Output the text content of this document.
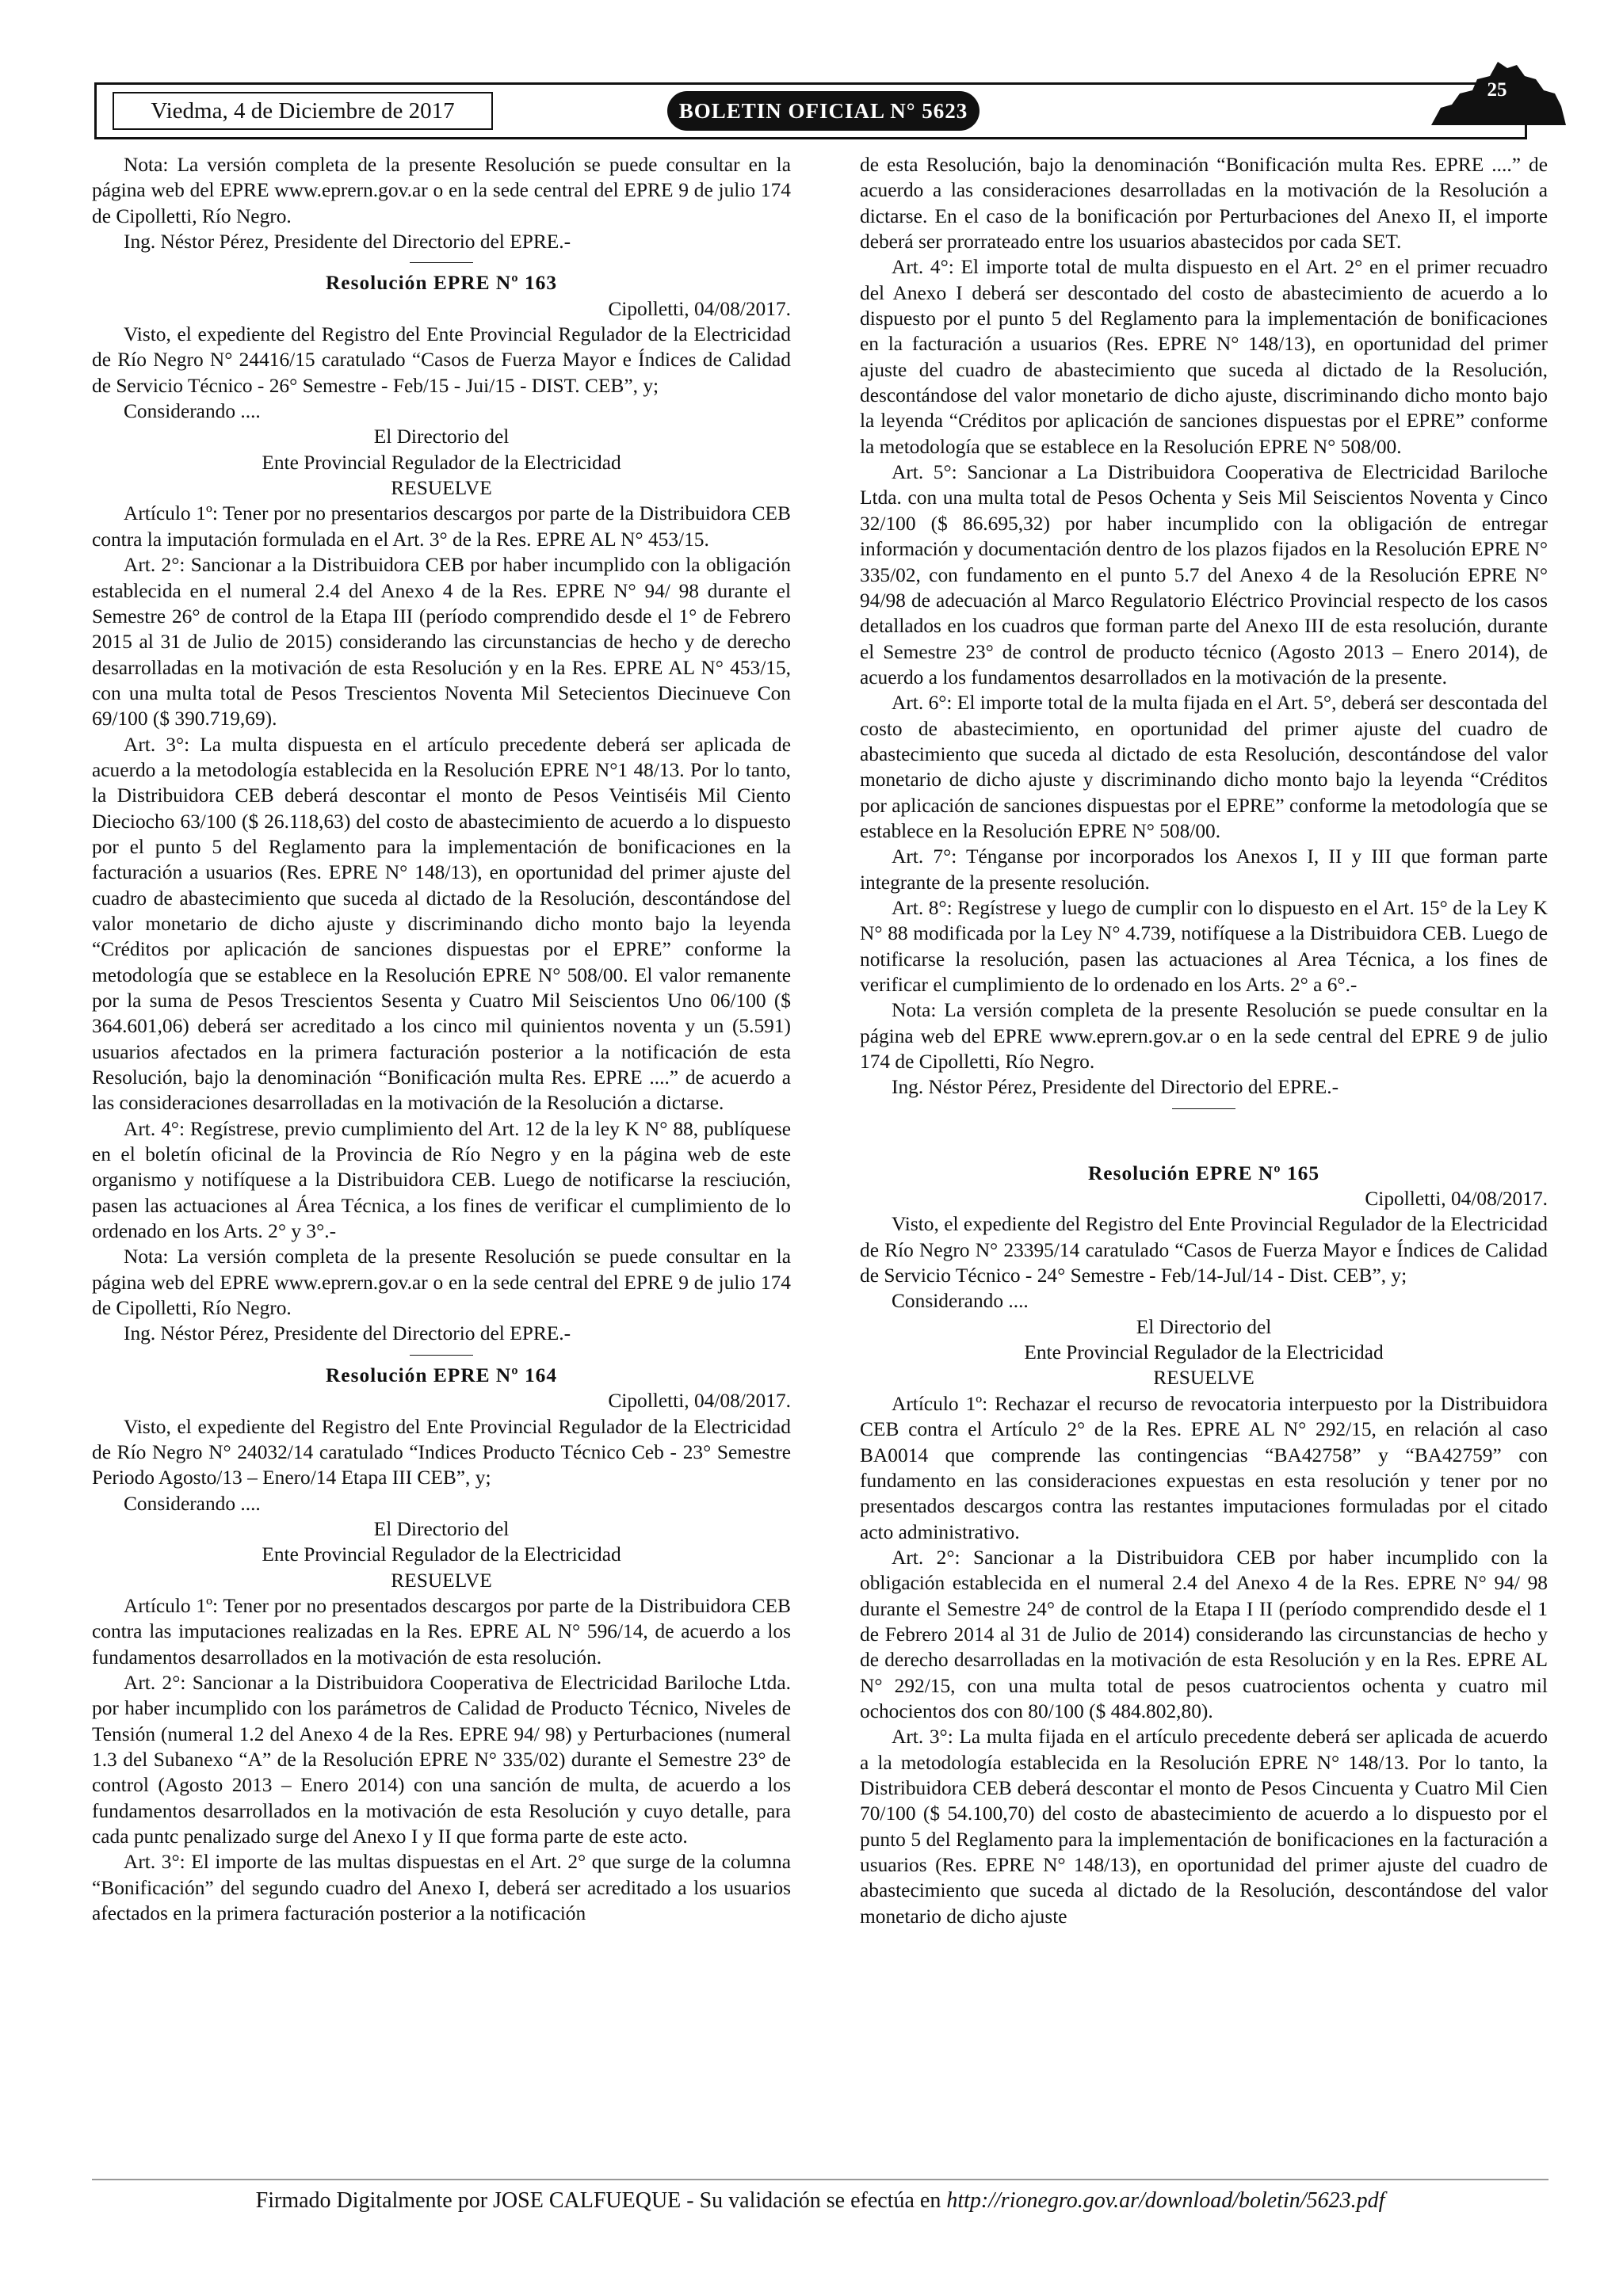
Viedma, 4 de Diciembre de 2017	BOLETIN OFICIAL N° 5623
25

Nota: La versión completa de la presente Resolución se puede consultar en la página web del EPRE www.eprern.gov.ar o en la sede central del EPRE 9 de julio 174 de Cipolletti, Río Negro.

Ing. Néstor Pérez, Presidente del Directorio del EPRE.-

Resolución EPRE Nº 163
Cipolletti, 04/08/2017.

Visto, el expediente del Registro del Ente Provincial Regulador de la Electricidad de Río Negro N° 24416/15 caratulado “Casos de Fuerza Mayor e Índices de Calidad de Servicio Técnico - 26° Semestre - Feb/15 - Jui/15 - DIST. CEB”, y;

Considerando ....

El Directorio del
Ente Provincial Regulador de la Electricidad
RESUELVE

Artículo 1º: Tener por no presentarios descargos por parte de la Distribuidora CEB contra la imputación formulada en el Art. 3° de la Res. EPRE AL N° 453/15.

Art. 2°: Sancionar a la Distribuidora CEB por haber incumplido con la obligación establecida en el numeral 2.4 del Anexo 4 de la Res. EPRE N° 94/ 98 durante el Semestre 26° de control de la Etapa III (período comprendido desde el 1° de Febrero 2015 al 31 de Julio de 2015) considerando las circunstancias de hecho y de derecho desarrolladas en la motivación de esta Resolución y en la Res. EPRE AL N° 453/15, con una multa total de Pesos Trescientos Noventa Mil Setecientos Diecinueve Con 69/100 ($ 390.719,69).

Art. 3°: La multa dispuesta en el artículo precedente deberá ser aplicada de acuerdo a la metodología establecida en la Resolución EPRE N°1 48/13. Por lo tanto, la Distribuidora CEB deberá descontar el monto de Pesos Veintiséis Mil Ciento Dieciocho 63/100 ($ 26.118,63) del costo de abastecimiento de acuerdo a lo dispuesto por el punto 5 del Reglamento para la implementación de bonificaciones en la facturación a usuarios (Res. EPRE N° 148/13), en oportunidad del primer ajuste del cuadro de abastecimiento que suceda al dictado de la Resolución, descontándose del valor monetario de dicho ajuste y discriminando dicho monto bajo la leyenda “Créditos por aplicación de sanciones dispuestas por el EPRE” conforme la metodología que se establece en la Resolución EPRE N° 508/00. El valor remanente por la suma de Pesos Trescientos Sesenta y Cuatro Mil Seiscientos Uno 06/100 ($ 364.601,06) deberá ser acreditado a los cinco mil quinientos noventa y un (5.591) usuarios afectados en la primera facturación posterior a la notificación de esta Resolución, bajo la denominación “Bonificación multa Res. EPRE ....” de acuerdo a las consideraciones desarrolladas en la motivación de la Resolución a dictarse.

Art. 4°: Regístrese, previo cumplimiento del Art. 12 de la ley K N° 88, publíquese en el boletín oficinal de la Provincia de Río Negro y en la página web de este organismo y notifíquese a la Distribuidora CEB. Luego de notificarse la resciución, pasen las actuaciones al Área Técnica, a los fines de verificar el cumplimiento de lo ordenado en los Arts. 2° y 3°.-

Nota: La versión completa de la presente Resolución se puede consultar en la página web del EPRE www.eprern.gov.ar o en la sede central del EPRE 9 de julio 174 de Cipolletti, Río Negro.

Ing. Néstor Pérez, Presidente del Directorio del EPRE.-

Resolución EPRE Nº 164
Cipolletti, 04/08/2017.

Visto, el expediente del Registro del Ente Provincial Regulador de la Electricidad de Río Negro N° 24032/14 caratulado “Indices Producto Técnico Ceb - 23° Semestre Periodo Agosto/13 – Enero/14 Etapa III CEB”, y;

Considerando ....

El Directorio del
Ente Provincial Regulador de la Electricidad
RESUELVE

Artículo 1º: Tener por no presentados descargos por parte de la Distribuidora CEB contra las imputaciones realizadas en la Res. EPRE AL N° 596/14, de acuerdo a los fundamentos desarrollados en la motivación de esta resolución.

Art. 2°: Sancionar a la Distribuidora Cooperativa de Electricidad Bariloche Ltda. por haber incumplido con los parámetros de Calidad de Producto Técnico, Niveles de Tensión (numeral 1.2 del Anexo 4 de la Res. EPRE 94/ 98) y Perturbaciones (numeral 1.3 del Subanexo “A” de la Resolución EPRE N° 335/02) durante el Semestre 23° de control (Agosto 2013 – Enero 2014) con una sanción de multa, de acuerdo a los fundamentos desarrollados en la motivación de esta Resolución y cuyo detalle, para cada puntc penalizado surge del Anexo I y II que forma parte de este acto.

Art. 3°: El importe de las multas dispuestas en el Art. 2° que surge de la columna “Bonificación” del segundo cuadro del Anexo I, deberá ser acreditado a los usuarios afectados en la primera facturación posterior a la notificación

de esta Resolución, bajo la denominación “Bonificación multa Res. EPRE ....” de acuerdo a las consideraciones desarrolladas en la motivación de la Resolución a dictarse. En el caso de la bonificación por Perturbaciones del Anexo II, el importe deberá ser prorrateado entre los usuarios abastecidos por cada SET.

Art. 4°: El importe total de multa dispuesto en el Art. 2° en el primer recuadro del Anexo I deberá ser descontado del costo de abastecimiento de acuerdo a lo dispuesto por el punto 5 del Reglamento para la implementación de bonificaciones en la facturación a usuarios (Res. EPRE N° 148/13), en oportunidad del primer ajuste del cuadro de abastecimiento que suceda al dictado de la Resolución, descontándose del valor monetario de dicho ajuste, discriminando dicho monto bajo la leyenda “Créditos por aplicación de sanciones dispuestas por el EPRE” conforme la metodología que se establece en la Resolución EPRE N° 508/00.

Art. 5°: Sancionar a La Distribuidora Cooperativa de Electricidad Bariloche Ltda. con una multa total de Pesos Ochenta y Seis Mil Seiscientos Noventa y Cinco 32/100 ($ 86.695,32) por haber incumplido con la obligación de entregar información y documentación dentro de los plazos fijados en la Resolución EPRE N° 335/02, con fundamento en el punto 5.7 del Anexo 4 de la Resolución EPRE N° 94/98 de adecuación al Marco Regulatorio Eléctrico Provincial respecto de los casos detallados en los cuadros que forman parte del Anexo III de esta resolución, durante el Semestre 23° de control de producto técnico (Agosto 2013 – Enero 2014), de acuerdo a los fundamentos desarrollados en la motivación de la presente.

Art. 6°: El importe total de la multa fijada en el Art. 5°, deberá ser descontada del costo de abastecimiento, en oportunidad del primer ajuste del cuadro de abastecimiento que suceda al dictado de esta Resolución, descontándose del valor monetario de dicho ajuste y discriminando dicho monto bajo la leyenda “Créditos por aplicación de sanciones dispuestas por el EPRE” conforme la metodología que se establece en la Resolución EPRE N° 508/00.

Art. 7°: Ténganse por incorporados los Anexos I, II y III que forman parte integrante de la presente resolución.

Art. 8°: Regístrese y luego de cumplir con lo dispuesto en el Art. 15° de la Ley K N° 88 modificada por la Ley N° 4.739, notifíquese a la Distribuidora CEB. Luego de notificarse la resolución, pasen las actuaciones al Area Técnica, a los fines de verificar el cumplimiento de lo ordenado en los Arts. 2° a 6°.-

Nota: La versión completa de la presente Resolución se puede consultar en la página web del EPRE www.eprern.gov.ar o en la sede central del EPRE 9 de julio 174 de Cipolletti, Río Negro.

Ing. Néstor Pérez, Presidente del Directorio del EPRE.-

Resolución EPRE Nº 165
Cipolletti, 04/08/2017.

Visto, el expediente del Registro del Ente Provincial Regulador de la Electricidad de Río Negro N° 23395/14 caratulado “Casos de Fuerza Mayor e Índices de Calidad de Servicio Técnico - 24° Semestre - Feb/14-Jul/14 - Dist. CEB”, y;

Considerando ....

El Directorio del
Ente Provincial Regulador de la Electricidad
RESUELVE

Artículo 1º: Rechazar el recurso de revocatoria interpuesto por la Distribuidora CEB contra el Artículo 2° de la Res. EPRE AL N° 292/15, en relación al caso BA0014 que comprende las contingencias “BA42758” y “BA42759” con fundamento en las consideraciones expuestas en esta resolución y tener por no presentados descargos contra las restantes imputaciones formuladas por el citado acto administrativo.

Art. 2°: Sancionar a la Distribuidora CEB por haber incumplido con la obligación establecida en el numeral 2.4 del Anexo 4 de la Res. EPRE N° 94/ 98 durante el Semestre 24° de control de la Etapa I II (período comprendido desde el 1 de Febrero 2014 al 31 de Julio de 2014) considerando las circunstancias de hecho y de derecho desarrolladas en la motivación de esta Resolución y en la Res. EPRE AL N° 292/15, con una multa total de pesos cuatrocientos ochenta y cuatro mil ochocientos dos con 80/100 ($ 484.802,80).

Art. 3°: La multa fijada en el artículo precedente deberá ser aplicada de acuerdo a la metodología establecida en la Resolución EPRE N° 148/13. Por lo tanto, la Distribuidora CEB deberá descontar el monto de Pesos Cincuenta y Cuatro Mil Cien 70/100 ($ 54.100,70) del costo de abastecimiento de acuerdo a lo dispuesto por el punto 5 del Reglamento para la implementación de bonificaciones en la facturación a usuarios (Res. EPRE N° 148/13), en oportunidad del primer ajuste del cuadro de abastecimiento que suceda al dictado de la Resolución, descontándose del valor monetario de dicho ajuste

Firmado Digitalmente por JOSE CALFUEQUE - Su validación se efectúa en http://rionegro.gov.ar/download/boletin/5623.pdf
